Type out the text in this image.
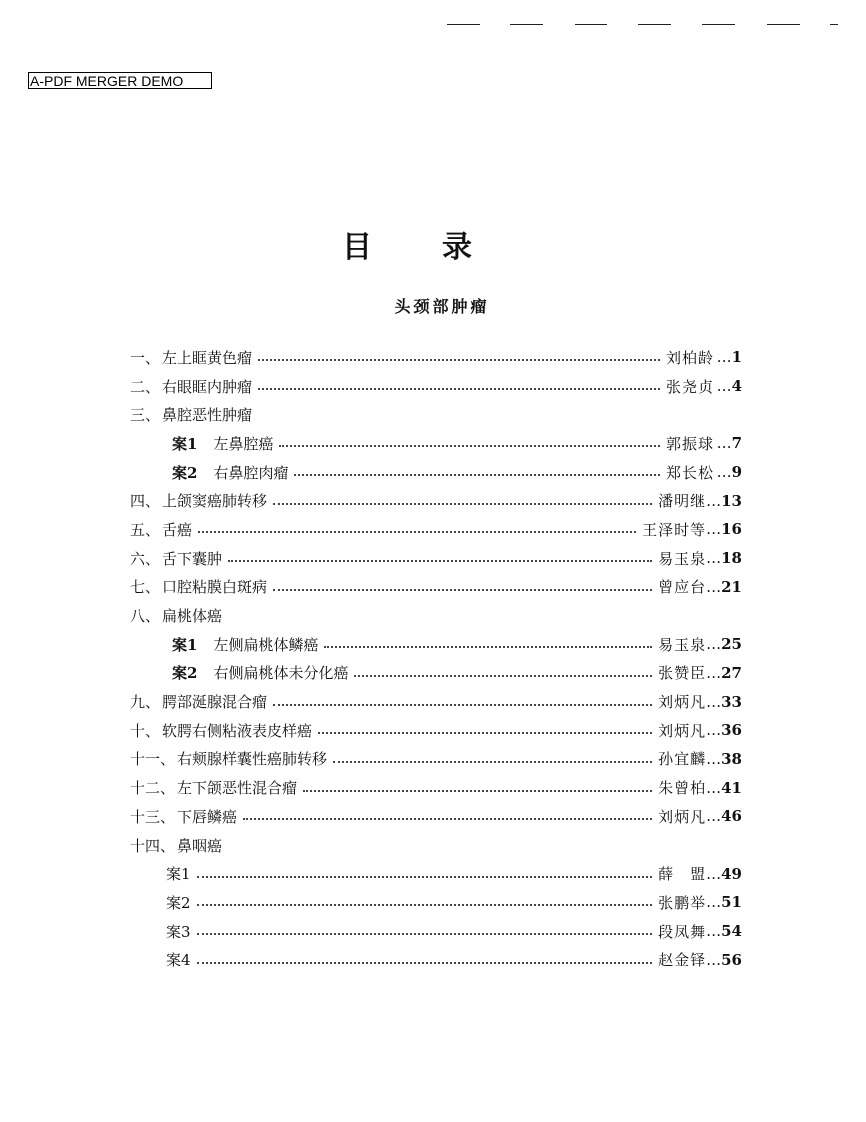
A-PDF MERGER DEMO
目录
头颈部肿瘤
一、 左上眶黄色瘤	刘柏龄	… 1
二、 右眼眶内肿瘤	张尧贞	… 4
三、 鼻腔恶性肿瘤
案1 左鼻腔癌	郭振球	… 7
案2 右鼻腔肉瘤	郑长松	… 9
四、 上颌窦癌肺转移	潘明继	… 13
五、 舌癌	王泽时等	… 16
六、 舌下囊肿	易玉泉	… 18
七、 口腔粘膜白斑病	曾应台	… 21
八、 扁桃体癌
案1 左侧扁桃体鳞癌	易玉泉	… 25
案2 右侧扁桃体未分化癌	张赞臣	… 27
九、 腭部涎腺混合瘤	刘炳凡	… 33
十、 软腭右侧粘液表皮样癌	刘炳凡	… 36
十一、 右颊腺样囊性癌肺转移	孙宜麟	… 38
十二、 左下颌恶性混合瘤	朱曾柏	… 41
十三、 下唇鳞癌	刘炳凡	… 46
十四、 鼻咽癌
案1	薛　盟	… 49
案2	张鹏举	… 51
案3	段凤舞	… 54
案4	赵金铎	… 56
